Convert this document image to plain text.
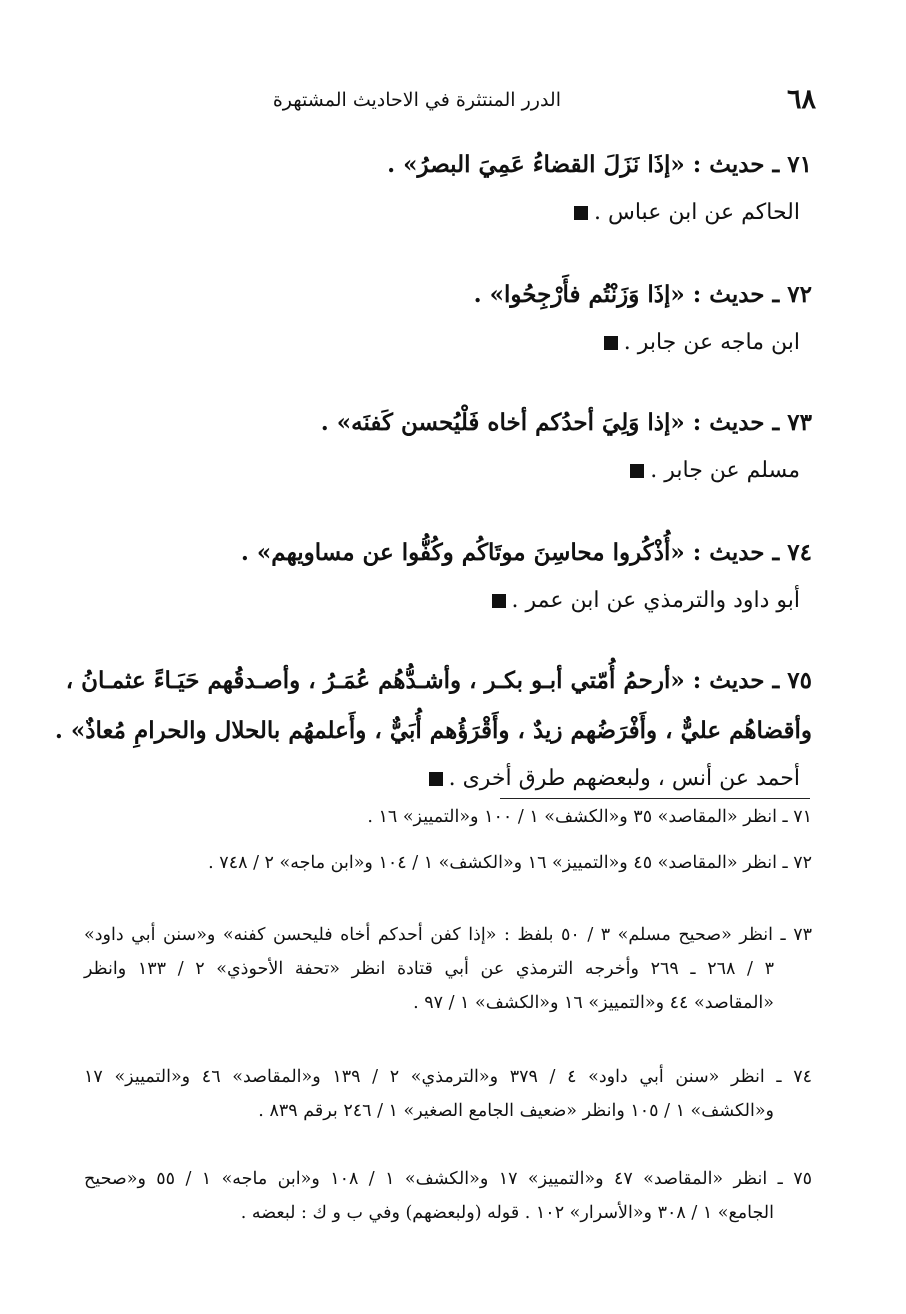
٦٨
الدرر المنتثرة في الاحاديث المشتهرة
٧١ ـ حديث : «إذَا نَزَلَ القضاءُ عَمِيَ البصرُ» .
الحاكم عن ابن عباس .
٧٢ ـ حديث : «إذَا وَزَنْتُم فأَرْجِحُوا» .
ابن ماجه عن جابر .
٧٣ ـ حديث : «إذا وَلِيَ أحدُكم أخاه فَلْيُحسن كَفنَه» .
مسلم عن جابر .
٧٤ ـ حديث : «أُذْكُروا محاسِنَ موتَاكُم وكُفُّوا عن مساويهم» .
أبو داود والترمذي عن ابن عمر .
٧٥ ـ حديث : «أرحمُ أُمّتي أبـو بكـر ، وأشـدُّهُم عُمَـرُ ، وأصـدقُهم حَيَـاءً عثمـانُ ،
وأقضاهُم عليٌّ ، وأَفْرَضُهم زيدٌ ، وأَقْرَؤُهم أُبَيٌّ ، وأَعلمهُم بالحلال والحرامِ مُعاذٌ» .
أحمد عن أنس ، ولبعضهم طرق أخرى .
٧١ ـ انظر «المقاصد» ٣٥ و«الكشف» ١ / ١٠٠ و«التمييز» ١٦ .
٧٢ ـ انظر «المقاصد» ٤٥ و«التمييز» ١٦ و«الكشف» ١ / ١٠٤ و«ابن ماجه» ٢ / ٧٤٨ .
٧٣ ـ انظر «صحيح مسلم» ٣ / ٥٠ بلفظ : «إذا كفن أحدكم أخاه فليحسن كفنه» و«سنن أبي داود»
٣ / ٢٦٨ ـ ٢٦٩ وأخرجه الترمذي عن أبي قتادة انظر «تحفة الأحوذي» ٢ / ١٣٣ وانظر
«المقاصد» ٤٤ و«التمييز» ١٦ و«الكشف» ١ / ٩٧ .
٧٤ ـ انظر «سنن أبي داود» ٤ / ٣٧٩ و«الترمذي» ٢ / ١٣٩ و«المقاصد» ٤٦ و«التمييز» ١٧
و«الكشف» ١ / ١٠٥ وانظر «ضعيف الجامع الصغير» ١ / ٢٤٦ برقم ٨٣٩ .
٧٥ ـ انظر «المقاصد» ٤٧ و«التمييز» ١٧ و«الكشف» ١ / ١٠٨ و«ابن ماجه» ١ / ٥٥ و«صحيح
الجامع» ١ / ٣٠٨ و«الأسرار» ١٠٢ . قوله (ولبعضهم) وفي ب و ك : لبعضه .
